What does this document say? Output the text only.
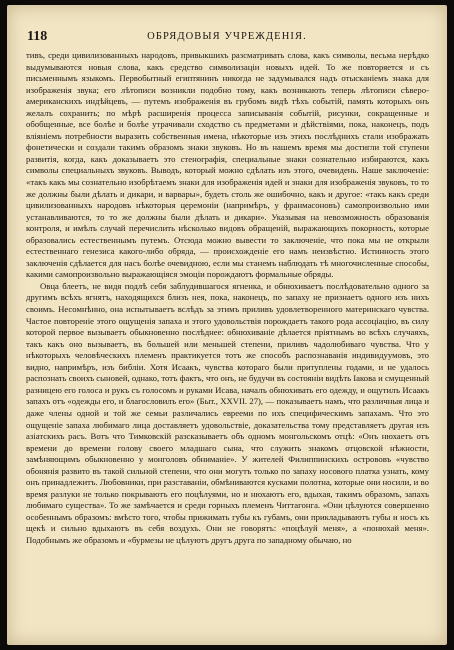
118	ОБРЯДОВЫЯ УЧРЕЖДЕНІЯ.

тивъ, среди цивилизованныхъ народовъ, привыкшихъ разсматривать слова, какъ символы, весьма нерѣдко выдумываются новыя слова, какъ средство символизаціи новыхъ идей. То же повторяется и съ письменнымъ языкомъ. Первобытный египтянинъ никогда не задумывался надъ отысканіемъ знака для изображенія звука; его лѣтописи возникли подобно тому, какъ возникають теперь лѣтописи сѣверо-американскихъ индѣйцевъ, — путемъ изображенія въ грубомъ видѣ тѣхъ событій, память которыхъ онъ желалъ сохранить; по мѣрѣ расширенія процесса записыванія событій, рисунки, сокращенные и обобщенные, все болѣе и болѣе утрачивали сходство съ предметами и дѣйствіями, пока, наконецъ, подъ вліяніемъ потребности выразить собственныя имена, нѣкоторые изъ этихъ послѣднихъ стали изображать фонетически и создали такимъ образомъ знаки звуковъ. Но въ нашемъ время мы достигли той ступени развитія, когда, какъ доказываетъ это стенографія, специальные знаки сознательно избираются, какъ символы специальныхъ звуковъ. Выводъ, который можно сдѣлать изъ этого, очевидень. Наше заключеніе: «такъ какъ мы сознательно изобрѣтаемъ знаки для изображенія идей и знаки для изображенія звуковъ, то то же должны были дѣлать и дикари, и варвары», будеть столь же ошибочно, какъ и другое: «такъ какъ среди цивилизованныхъ народовъ нѣкоторыя церемоніи (напримѣръ, у франмасоновъ) самопроизвольно ими устанавливаются, то то же должны были дѣлать и дикари». Указывая на невозможность образованія контроля, и имѣлъ случай перечислить нѣсколько видовъ обращеній, выражающихъ покорность, которые образовались естественнымъ путемъ. Отсюда можно вывести то заключеніе, что пока мы не открыли естественнаго генезиса какого-либо обряда, — происхожденіе его намъ неизвѣстно. Истинность этого заключенія сдѣлается для насъ болѣе очевидною, если мы станемъ наблюдать тѣ многочисленные способы, какими самопроизвольно выражающіяся эмоціи порождаютъ формальные обряды.

Овца блеетъ, не видя подлѣ себя заблудившагося ягненка, и обнюхиваетъ послѣдовательно одного за другимъ всѣхъ ягнятъ, находящихся близъ нея, пока, наконецъ, по запаху не признаетъ одного изъ нихъ своимъ. Несомнѣнно, она испытываетъ вслѣдъ за этимъ приливъ удовлетворенного материнскаго чувства. Частое повтореніе этого ощущенія запаха и этого удовольствія порождаетъ такого рода ассоціацію, въ силу которой первое вызываетъ обыкновенно послѣднее: обнюхиваніе дѣлается пріятнымъ во всѣхъ случаяхъ, такъ какъ оно вызываетъ, въ большей или меньшей степени, приливъ чадолюбиваго чувства. Что у нѣкоторыхъ человѣческихъ племенъ практикуется тотъ же способъ распознаванія индивидуумовъ, это видно, напримѣръ, изъ библіи. Хотя Исаакъ, чувства котораго были притуплены годами, и не удалось распознать своихъ сыновей, однако, тотъ фактъ, что онъ, не будучи въ состояніи видѣть Іакова и смущенный разницею его голоса и рукъ съ голосомъ и руками Исава, началъ обнюхивать его одежду, и ощутилъ Исаакъ запахъ отъ «одежды его, и благословилъ его» (Быт., XXVII. 27), — показываетъ намъ, что различныя лица и даже члены одной и той же семьи различались еврееми по ихъ специфическимъ запахамъ. Что это ощущеніе запаха любимаго лица доставляетъ удовольствіе, доказательства тому представляетъ другая изъ азіатскихъ расъ. Вотъ что Тимковскій разсказываетъ объ одномъ монгольскомъ отцѣ: «Онъ нюхаетъ отъ времени до времени голову своего младшаго сына, что служить знакомъ отцовской нѣжности, замѣняющимъ обыкновенно у монголовъ обниманіе». У жителей Филиппинскихъ острововъ «чувство обонянія развито въ такой сильной степени, что они могутъ только по запаху носового платка узнать, кому онъ принадлежитъ. Любовники, при разставаніи, обмѣниваются кусками полотна, которые они носили, и во время разлуки не только покрываютъ его поцѣлуями, но и нюхаютъ его, вдыхая, такимъ образомъ, запахъ любимаго существа». То же замѣчается и среди горныхъ племенъ Читтагонга. «Они цѣлуются совершенно особеннымъ образомъ: вмѣсто того, чтобы прижимать губы къ губамъ, они прикладываютъ губы и носъ къ щекѣ и сильно вдыхаютъ въ себя воздухъ. Они не говорятъ: «поцѣлуй меня», а «понюхай меня». Подобнымъ же образомъ и «бурмезы не цѣлуютъ другъ друга по западному обычаю, но
